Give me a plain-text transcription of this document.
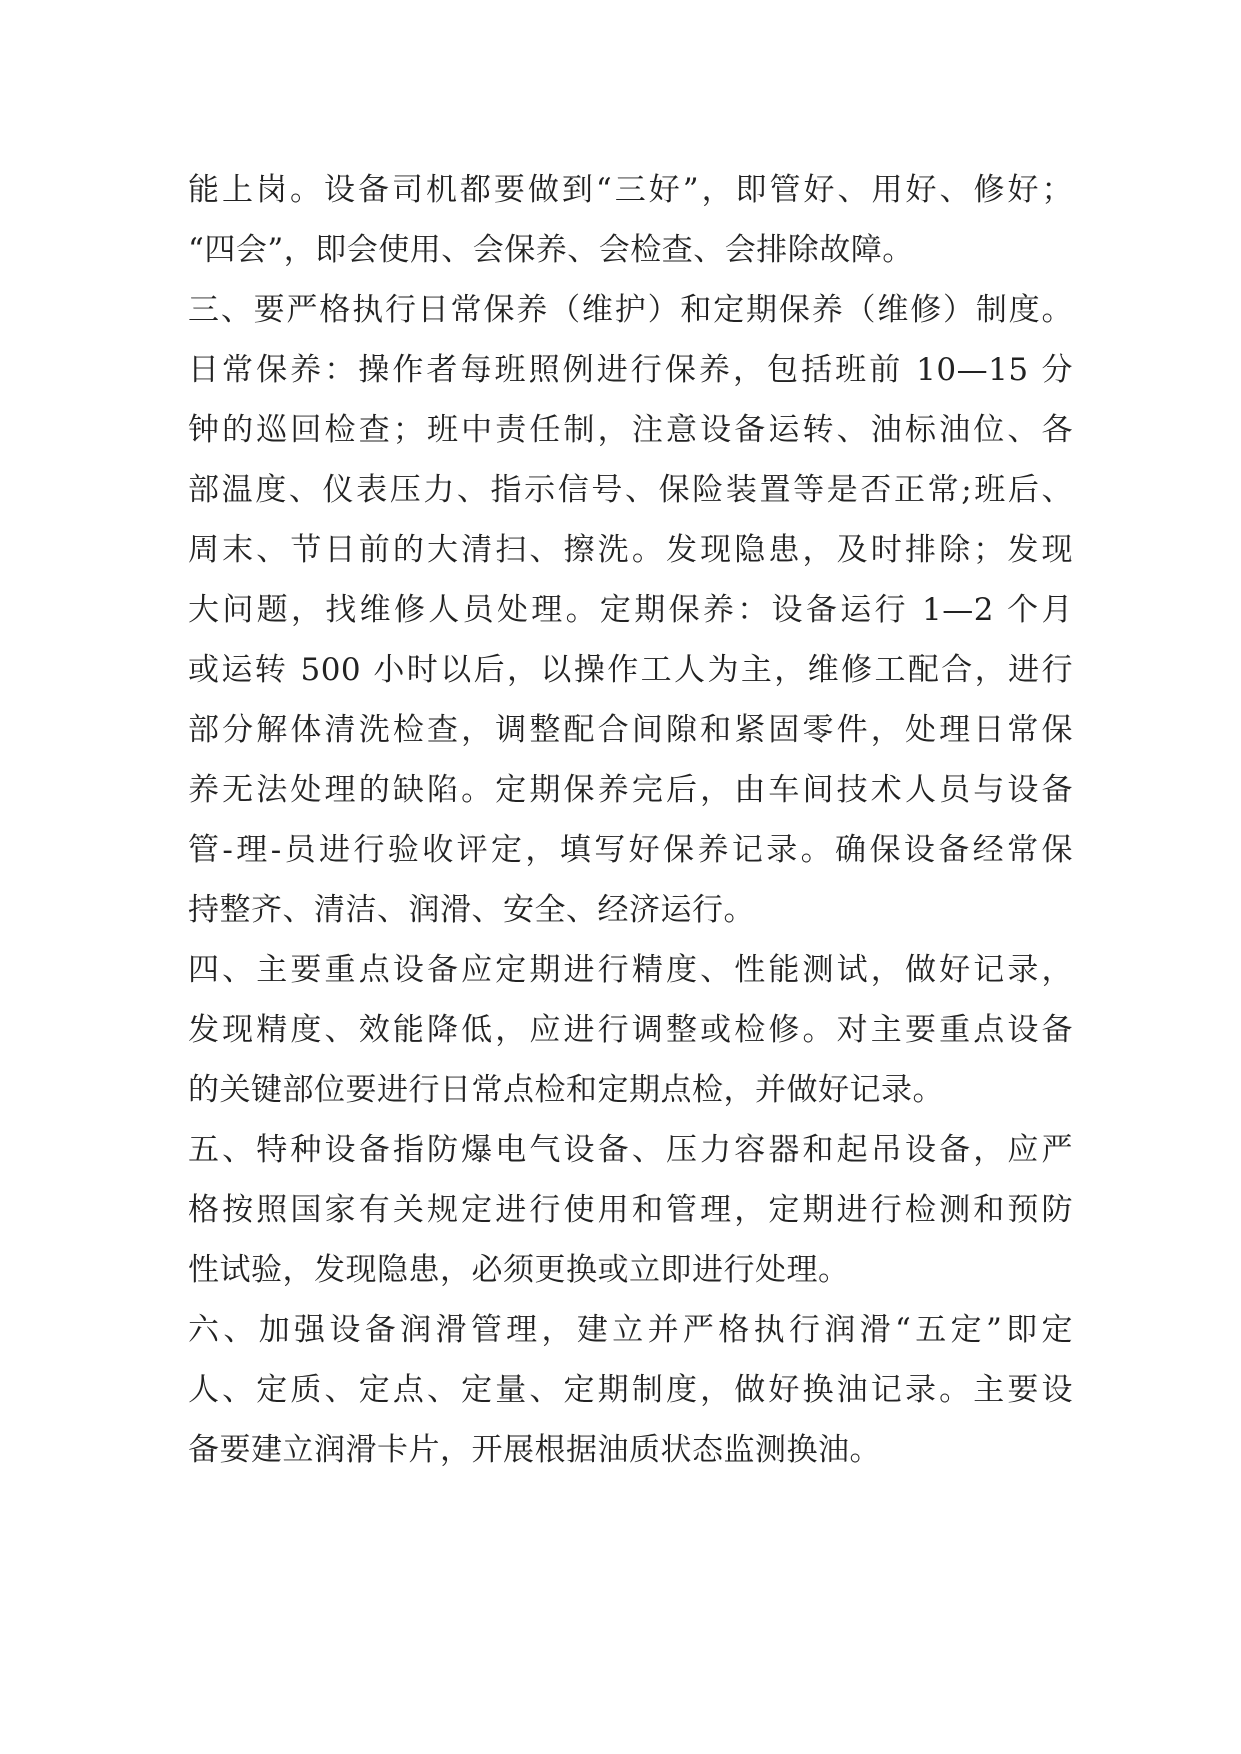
能上岗。设备司机都要做到“三好”，即管好、用好、修好；
“四会”，即会使用、会保养、会检查、会排除故障。
三、要严格执行日常保养（维护）和定期保养（维修）制度。
日常保养：操作者每班照例进行保养，包括班前 10—15 分
钟的巡回检查；班中责任制，注意设备运转、油标油位、各
部温度、仪表压力、指示信号、保险装置等是否正常;班后、
周末、节日前的大清扫、擦洗。发现隐患，及时排除；发现
大问题，找维修人员处理。定期保养：设备运行 1—2 个月
或运转 500 小时以后，以操作工人为主，维修工配合，进行
部分解体清洗检查，调整配合间隙和紧固零件，处理日常保
养无法处理的缺陷。定期保养完后，由车间技术人员与设备
管-理-员进行验收评定，填写好保养记录。确保设备经常保
持整齐、清洁、润滑、安全、经济运行。
四、主要重点设备应定期进行精度、性能测试，做好记录，
发现精度、效能降低，应进行调整或检修。对主要重点设备
的关键部位要进行日常点检和定期点检，并做好记录。
五、特种设备指防爆电气设备、压力容器和起吊设备，应严
格按照国家有关规定进行使用和管理，定期进行检测和预防
性试验，发现隐患，必须更换或立即进行处理。
六、加强设备润滑管理，建立并严格执行润滑“五定”即定
人、定质、定点、定量、定期制度，做好换油记录。主要设
备要建立润滑卡片，开展根据油质状态监测换油。
